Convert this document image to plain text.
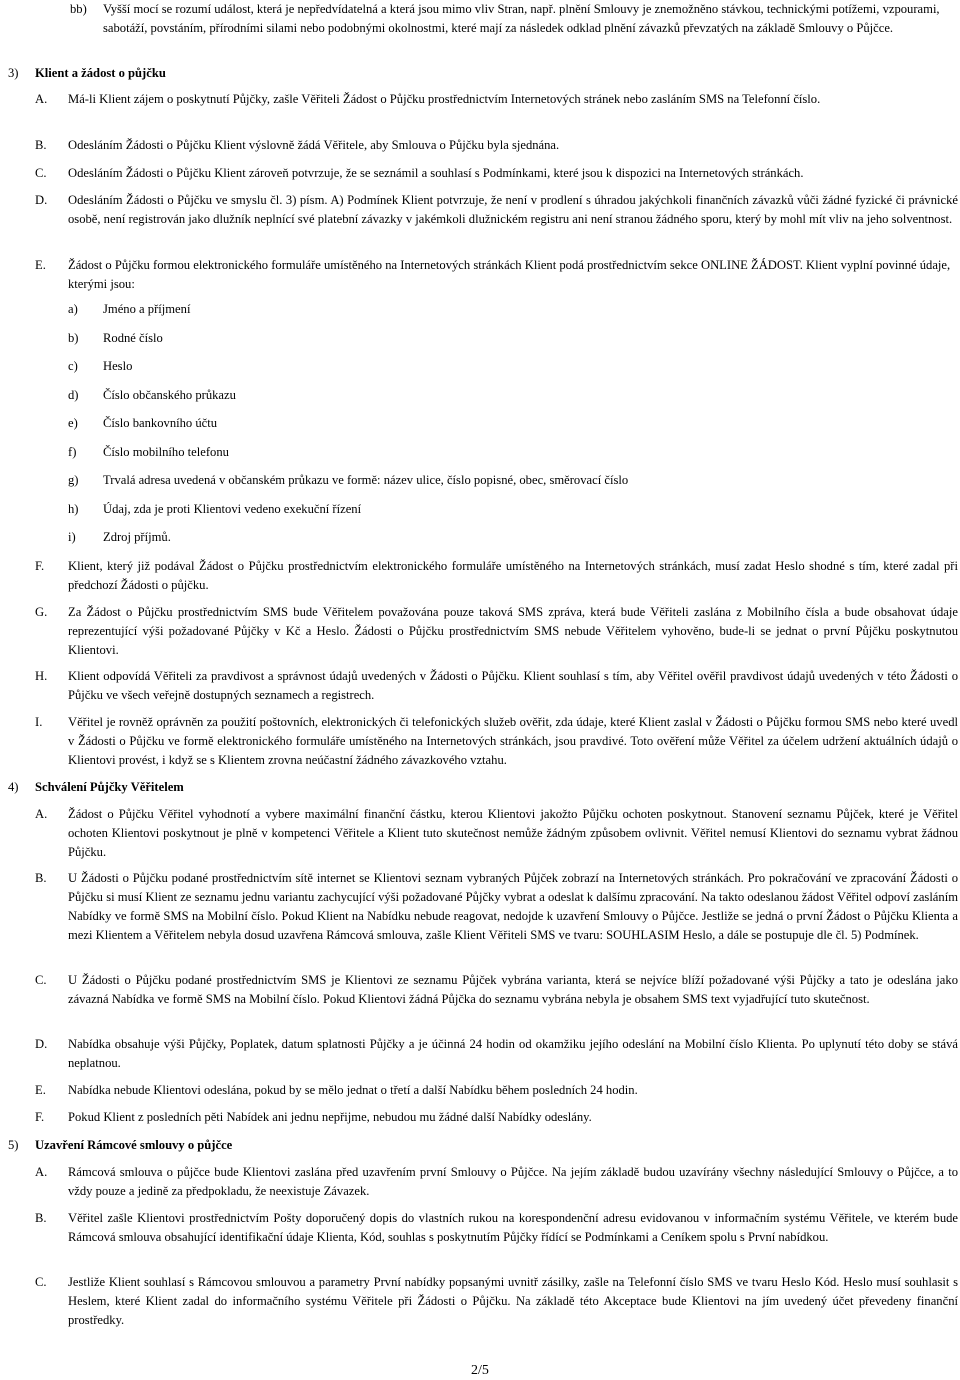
bb) Vyšší mocí se rozumí událost, která je nepředvídatelná a která jsou mimo vliv Stran, např. plnění Smlouvy je znemožněno stávkou, technickými potížemi, vzpourami, sabotáží, povstáním, přírodními silami nebo podobnými okolnostmi, které mají za následek odklad plnění závazků převzatých na základě Smlouvy o Půjčce.
3) Klient a žádost o půjčku
A. Má-li Klient zájem o poskytnutí Půjčky, zašle Věřiteli Žádost o Půjčku prostřednictvím Internetových stránek nebo zasláním SMS na Telefonní číslo.
B. Odesláním Žádosti o Půjčku Klient výslovně žádá Věřitele, aby Smlouva o Půjčku byla sjednána.
C. Odesláním Žádosti o Půjčku Klient zároveň potvrzuje, že se seznámil a souhlasí s Podmínkami, které jsou k dispozici na Internetových stránkách.
D. Odesláním Žádosti o Půjčku ve smyslu čl. 3) písm. A) Podmínek Klient potvrzuje, že není v prodlení s úhradou jakýchkoli finančních závazků vůči žádné fyzické či právnické osobě, není registrován jako dlužník neplnící své platební závazky v jakémkoli dlužnickém registru ani není stranou žádného sporu, který by mohl mít vliv na jeho solventnost.
E. Žádost o Půjčku formou elektronického formuláře umístěného na Internetových stránkách Klient podá prostřednictvím sekce ONLINE ŽÁDOST. Klient vyplní povinné údaje, kterými jsou:
a) Jméno a příjmení
b) Rodné číslo
c) Heslo
d) Číslo občanského průkazu
e) Číslo bankovního účtu
f) Číslo mobilního telefonu
g) Trvalá adresa uvedená v občanském průkazu ve formě: název ulice, číslo popisné, obec, směrovací číslo
h) Údaj, zda je proti Klientovi vedeno exekuční řízení
i) Zdroj příjmů.
F. Klient, který již podával Žádost o Půjčku prostřednictvím elektronického formuláře umístěného na Internetových stránkách, musí zadat Heslo shodné s tím, které zadal při předchozí Žádosti o půjčku.
G. Za Žádost o Půjčku prostřednictvím SMS bude Věřitelem považována pouze taková SMS zpráva, která bude Věřiteli zaslána z Mobilního čísla a bude obsahovat údaje reprezentující výši požadované Půjčky v Kč a Heslo. Žádosti o Půjčku prostřednictvím SMS nebude Věřitelem vyhověno, bude-li se jednat o první Půjčku poskytnutou Klientovi.
H. Klient odpovídá Věřiteli za pravdivost a správnost údajů uvedených v Žádosti o Půjčku. Klient souhlasí s tím, aby Věřitel ověřil pravdivost údajů uvedených v této Žádosti o Půjčku ve všech veřejně dostupných seznamech a registrech.
I. Věřitel je rovněž oprávněn za použití poštovních, elektronických či telefonických služeb ověřit, zda údaje, které Klient zaslal v Žádosti o Půjčku formou SMS nebo které uvedl v Žádosti o Půjčku ve formě elektronického formuláře umístěného na Internetových stránkách, jsou pravdivé. Toto ověření může Věřitel za účelem udržení aktuálních údajů o Klientovi provést, i když se s Klientem zrovna neúčastní žádného závazkového vztahu.
4) Schválení Půjčky Věřitelem
A. Žádost o Půjčku Věřitel vyhodnotí a vybere maximální finanční částku, kterou Klientovi jakožto Půjčku ochoten poskytnout. Stanovení seznamu Půjček, které je Věřitel ochoten Klientovi poskytnout je plně v kompetenci Věřitele a Klient tuto skutečnost nemůže žádným způsobem ovlivnit. Věřitel nemusí Klientovi do seznamu vybrat žádnou Půjčku.
B. U Žádosti o Půjčku podané prostřednictvím sítě internet se Klientovi seznam vybraných Půjček zobrazí na Internetových stránkách. Pro pokračování ve zpracování Žádosti o Půjčku si musí Klient ze seznamu jednu variantu zachycující výši požadované Půjčky vybrat a odeslat k dalšímu zpracování. Na takto odeslanou žádost Věřitel odpoví zasláním Nabídky ve formě SMS na Mobilní číslo. Pokud Klient na Nabídku nebude reagovat, nedojde k uzavření Smlouvy o Půjčce. Jestliže se jedná o první Žádost o Půjčku Klienta a mezi Klientem a Věřitelem nebyla dosud uzavřena Rámcová smlouva, zašle Klient Věřiteli SMS ve tvaru: SOUHLASIM Heslo, a dále se postupuje dle čl. 5) Podmínek.
C. U Žádosti o Půjčku podané prostřednictvím SMS je Klientovi ze seznamu Půjček vybrána varianta, která se nejvíce blíží požadované výši Půjčky a tato je odeslána jako závazná Nabídka ve formě SMS na Mobilní číslo. Pokud Klientovi žádná Půjčka do seznamu vybrána nebyla je obsahem SMS text vyjadřující tuto skutečnost.
D. Nabídka obsahuje výši Půjčky, Poplatek, datum splatnosti Půjčky a je účinná 24 hodin od okamžiku jejího odeslání na Mobilní číslo Klienta. Po uplynutí této doby se stává neplatnou.
E. Nabídka nebude Klientovi odeslána, pokud by se mělo jednat o třetí a další Nabídku během posledních 24 hodin.
F. Pokud Klient z posledních pěti Nabídek ani jednu nepřijme, nebudou mu žádné další Nabídky odeslány.
5) Uzavření Rámcové smlouvy o půjčce
A. Rámcová smlouva o půjčce bude Klientovi zaslána před uzavřením první Smlouvy o Půjčce. Na jejím základě budou uzavírány všechny následující Smlouvy o Půjčce, a to vždy pouze a jedině za předpokladu, že neexistuje Závazek.
B. Věřitel zašle Klientovi prostřednictvím Pošty doporučený dopis do vlastních rukou na korespondenční adresu evidovanou v informačním systému Věřitele, ve kterém bude Rámcová smlouva obsahující identifikační údaje Klienta, Kód, souhlas s poskytnutím Půjčky řídící se Podmínkami a Ceníkem spolu s První nabídkou.
C. Jestliže Klient souhlasí s Rámcovou smlouvou a parametry První nabídky popsanými uvnitř zásilky, zašle na Telefonní číslo SMS ve tvaru Heslo Kód. Heslo musí souhlasit s Heslem, které Klient zadal do informačního systému Věřitele při Žádosti o Půjčku. Na základě této Akceptace bude Klientovi na jím uvedený účet převedeny finanční prostředky.
2/5
